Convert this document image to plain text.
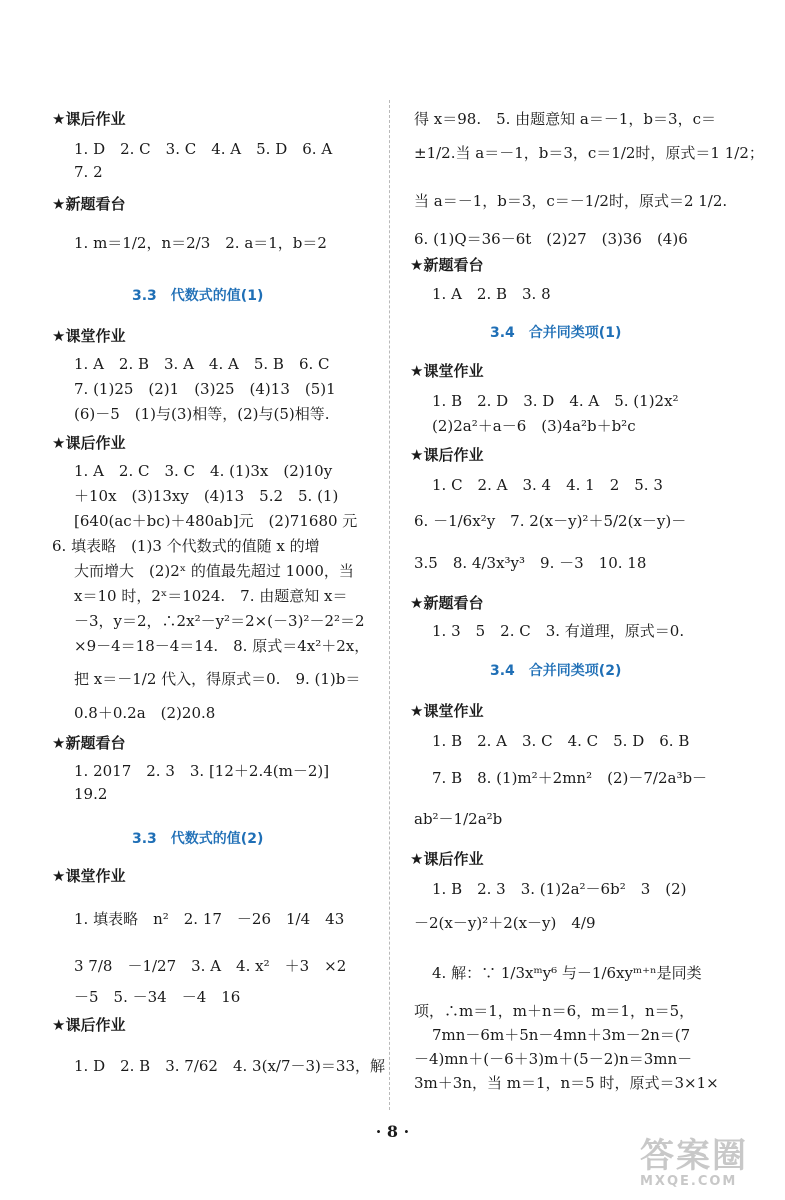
★课后作业
1. D　2. C　3. C　4. A　5. D　6. A
7. 2
★新题看台
1. m＝1/2，n＝2/3　2. a＝1，b＝2
3.3　代数式的值(1)
★课堂作业
1. A　2. B　3. A　4. A　5. B　6. C
7. (1)25　(2)1　(3)25　(4)13　(5)1
(6)－5　(1)与(3)相等，(2)与(5)相等.
★课后作业
1. A　2. C　3. C　4. (1)3x　(2)10y
＋10x　(3)13xy　(4)13　5.2　5. (1)
[640(ac＋bc)＋480ab]元　(2)71680 元
6. 填表略　(1)3 个代数式的值随 x 的增
大而增大　(2)2ˣ 的值最先超过 1000，当
x＝10 时，2ˣ＝1024.　7. 由题意知 x＝
－3，y＝2，∴2x²－y²＝2×(－3)²－2²＝2
×9－4＝18－4＝14.　8. 原式＝4x²＋2x，
把 x＝－1/2 代入，得原式＝0.　9. (1)b＝
0.8＋0.2a　(2)20.8
★新题看台
1. 2017　2. 3　3. [12＋2.4(m－2)]
19.2
3.3　代数式的值(2)
★课堂作业
1. 填表略　n²　2. 17　－26　1/4　43
3 7/8　－1/27　3. A　4. x²　＋3　×2
－5　5. －34　－4　16
★课后作业
1. D　2. B　3. 7/62　4. 3(x/7－3)＝33，解
得 x＝98.　5. 由题意知 a＝－1，b＝3，c＝
±1/2.当 a＝－1，b＝3，c＝1/2时，原式＝1 1/2；
当 a＝－1，b＝3，c＝－1/2时，原式＝2 1/2.
6. (1)Q＝36－6t　(2)27　(3)36　(4)6
★新题看台
1. A　2. B　3. 8
3.4　合并同类项(1)
★课堂作业
1. B　2. D　3. D　4. A　5. (1)2x²
(2)2a²＋a－6　(3)4a²b＋b²c
★课后作业
1. C　2. A　3. 4　4. 1　2　5. 3
6. －1/6x²y　7. 2(x－y)²＋5/2(x－y)－
3.5　8. 4/3x³y³　9. －3　10. 18
★新题看台
1. 3　5　2. C　3. 有道理，原式＝0.
3.4　合并同类项(2)
★课堂作业
1. B　2. A　3. C　4. C　5. D　6. B
7. B　8. (1)m²＋2mn²　(2)－7/2a³b－
ab²－1/2a²b
★课后作业
1. B　2. 3　3. (1)2a²－6b²　3　(2)
－2(x－y)²＋2(x－y)　4/9
4. 解：∵ 1/3xᵐy⁶ 与－1/6xyᵐ⁺ⁿ是同类
项，∴m＝1，m＋n＝6，m＝1，n＝5，
7mn－6m＋5n－4mn＋3m－2n＝(7
－4)mn＋(－6＋3)m＋(5－2)n＝3mn－
3m＋3n，当 m＝1，n＝5 时，原式＝3×1×
· 8 ·
答案圈
MXQE.COM
